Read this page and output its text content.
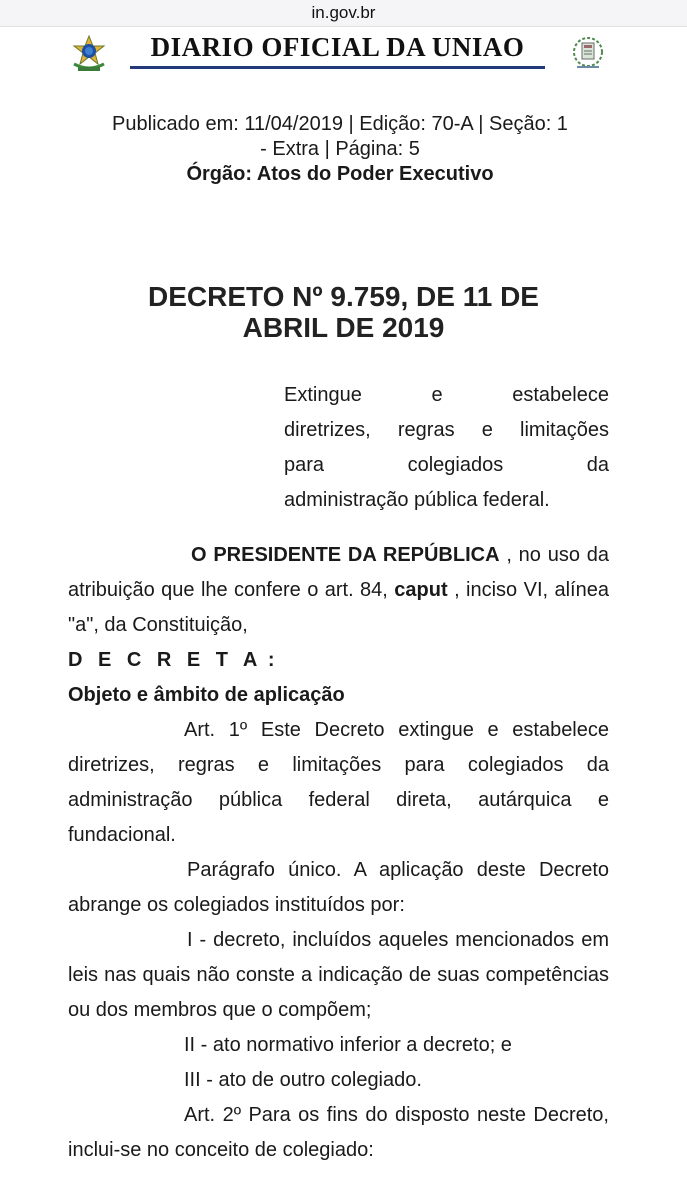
in.gov.br
DIARIO OFICIAL DA UNIAO
Publicado em: 11/04/2019 | Edição: 70-A | Seção: 1
- Extra | Página: 5
Órgão: Atos do Poder Executivo
DECRETO Nº 9.759, DE 11 DE
ABRIL DE 2019
Extingue	e	estabelece
diretrizes, regras e limitações
para	colegiados	da
administração pública federal.

O PRESIDENTE DA REPÚBLICA , no uso da atribuição que lhe confere o art. 84, caput , inciso VI, alínea "a", da Constituição,

D E C R E T A :

Objeto e âmbito de aplicação

Art. 1º Este Decreto extingue e estabelece diretrizes, regras e limitações para colegiados da administração pública federal direta, autárquica e fundacional.

Parágrafo único. A aplicação deste Decreto abrange os colegiados instituídos por:

I - decreto, incluídos aqueles mencionados em leis nas quais não conste a indicação de suas competências ou dos membros que o compõem;

II - ato normativo inferior a decreto; e

III - ato de outro colegiado.

Art. 2º Para os fins do disposto neste Decreto, inclui-se no conceito de colegiado:
